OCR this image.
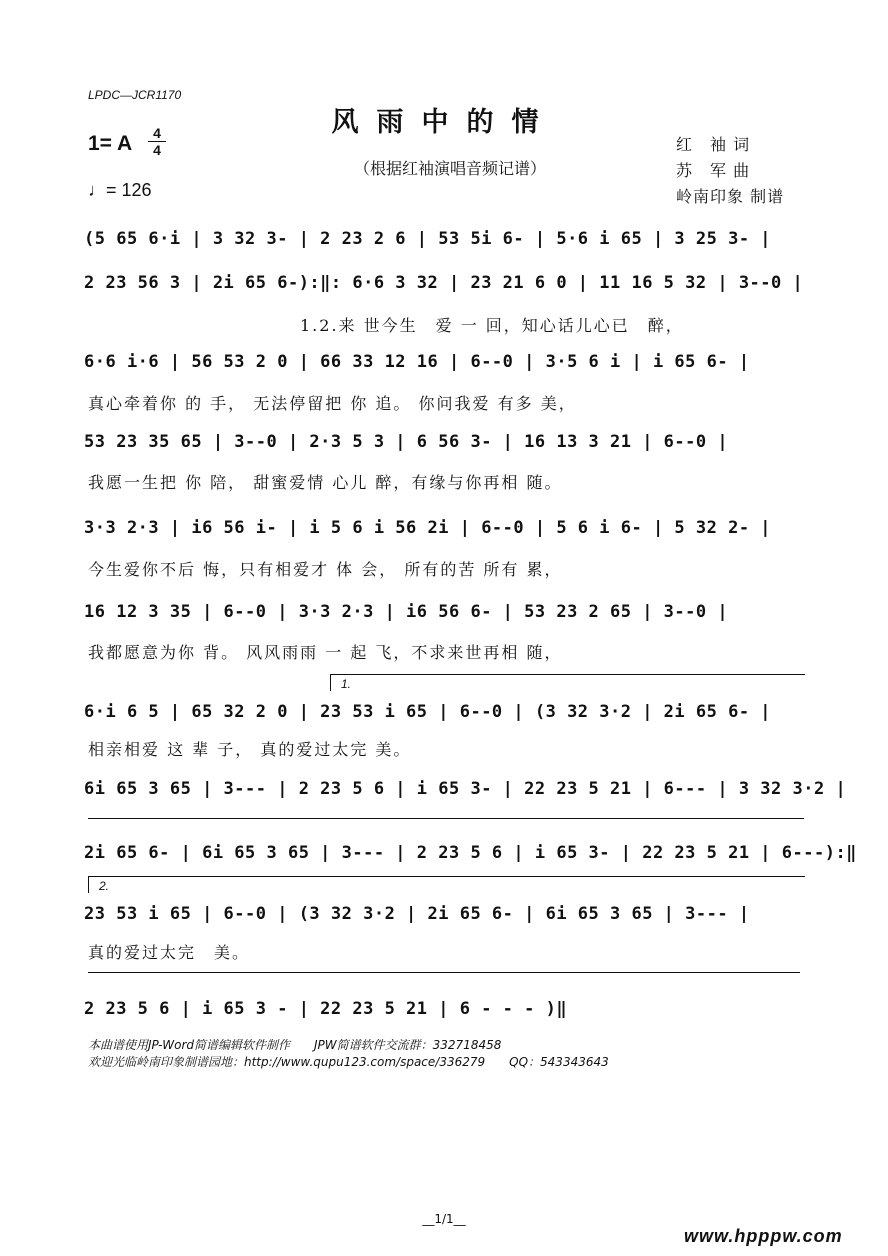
LPDC—JCR1170
风雨中的情
（根据红袖演唱音频记谱）
1= A	4
4
♩= 126
红　袖 词
苏　军 曲
岭南印象 制谱
(5 65 6·i | 3 32 3- | 2 23 2 6 | 53 5i 6- | 5·6 i 65 | 3 25 3- |
2 23 56 3 | 2i 65 6-):‖: 6·6 3 32 | 23 21 6 0 | 11 16 5 32 | 3--0 |
1.2.来 世今生　爱 一 回，知心话儿心已　醉，
6·6 i·6 | 56 53 2 0 | 66 33 12 16 | 6--0 | 3·5 6 i | i 65 6- |
真心牵着你 的 手， 无法停留把 你 追。 你问我爱 有多 美，
53 23 35 65 | 3--0 | 2·3 5 3 | 6 56 3- | 16 13 3 21 | 6--0 |
我愿一生把 你 陪， 甜蜜爱情 心儿 醉，有缘与你再相 随。
3·3 2·3 | i6 56 i- | i 5 6 i 56 2i | 6--0 | 5 6 i 6- | 5 32 2- |
今生爱你不后 悔，只有相爱才 体 会， 所有的苦 所有 累，
16 12 3 35 | 6--0 | 3·3 2·3 | i6 56 6- | 53 23 2 65 | 3--0 |
我都愿意为你 背。 风风雨雨 一 起 飞，不求来世再相 随，
1.
6·i 6 5 | 65 32 2 0 | 23 53 i 65 | 6--0 | (3 32 3·2 | 2i 65 6- |
相亲相爱 这 辈 子， 真的爱过太完 美。
6i 65 3 65 | 3--- | 2 23 5 6 | i 65 3- | 22 23 5 21 | 6--- | 3 32 3·2 |
2i 65 6- | 6i 65 3 65 | 3--- | 2 23 5 6 | i 65 3- | 22 23 5 21 | 6---):‖
2.
23 53 i 65 | 6--0 | (3 32 3·2 | 2i 65 6- | 6i 65 3 65 | 3--- |
真的爱过太完　美。
2 23 5 6 | i 65 3 - | 22 23 5 21 | 6 - - - )‖
本曲谱使用JP-Word简谱编辑软件制作　　JPW简谱软件交流群：332718458
欢迎光临岭南印象制谱园地：http://www.qupu123.com/space/336279　　QQ：543343643
__1/1__
www.hpppw.com
